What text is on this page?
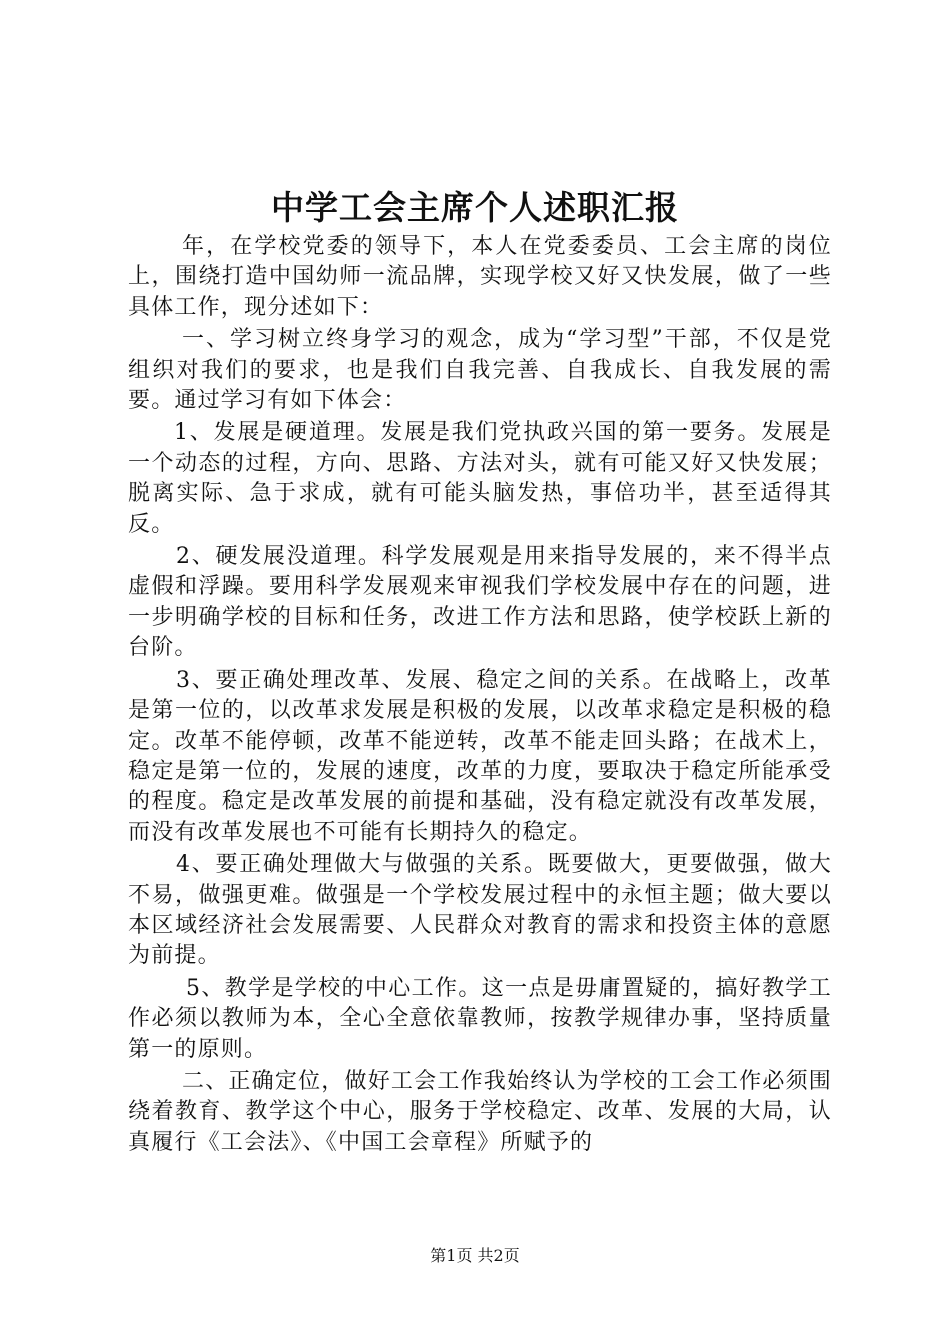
中学工会主席个人述职汇报

年，在学校党委的领导下，本人在党委委员、工会主席的岗位上，围绕打造中国幼师一流品牌，实现学校又好又快发展，做了一些具体工作，现分述如下：

一、学习树立终身学习的观念，成为“学习型”干部，不仅是党组织对我们的要求，也是我们自我完善、自我成长、自我发展的需要。通过学习有如下体会：

1、发展是硬道理。发展是我们党执政兴国的第一要务。发展是一个动态的过程，方向、思路、方法对头，就有可能又好又快发展；脱离实际、急于求成，就有可能头脑发热，事倍功半，甚至适得其反。

2、硬发展没道理。科学发展观是用来指导发展的，来不得半点虚假和浮躁。要用科学发展观来审视我们学校发展中存在的问题，进一步明确学校的目标和任务，改进工作方法和思路，使学校跃上新的台阶。

3、要正确处理改革、发展、稳定之间的关系。在战略上，改革是第一位的，以改革求发展是积极的发展，以改革求稳定是积极的稳定。改革不能停顿，改革不能逆转，改革不能走回头路；在战术上，稳定是第一位的，发展的速度，改革的力度，要取决于稳定所能承受的程度。稳定是改革发展的前提和基础，没有稳定就没有改革发展，而没有改革发展也不可能有长期持久的稳定。

4、要正确处理做大与做强的关系。既要做大，更要做强，做大不易，做强更难。做强是一个学校发展过程中的永恒主题；做大要以本区域经济社会发展需要、人民群众对教育的需求和投资主体的意愿为前提。

5、教学是学校的中心工作。这一点是毋庸置疑的，搞好教学工作必须以教师为本，全心全意依靠教师，按教学规律办事，坚持质量第一的原则。

二、正确定位，做好工会工作我始终认为学校的工会工作必须围绕着教育、教学这个中心，服务于学校稳定、改革、发展的大局，认真履行《工会法》、《中国工会章程》所赋予的

第1页 共2页
